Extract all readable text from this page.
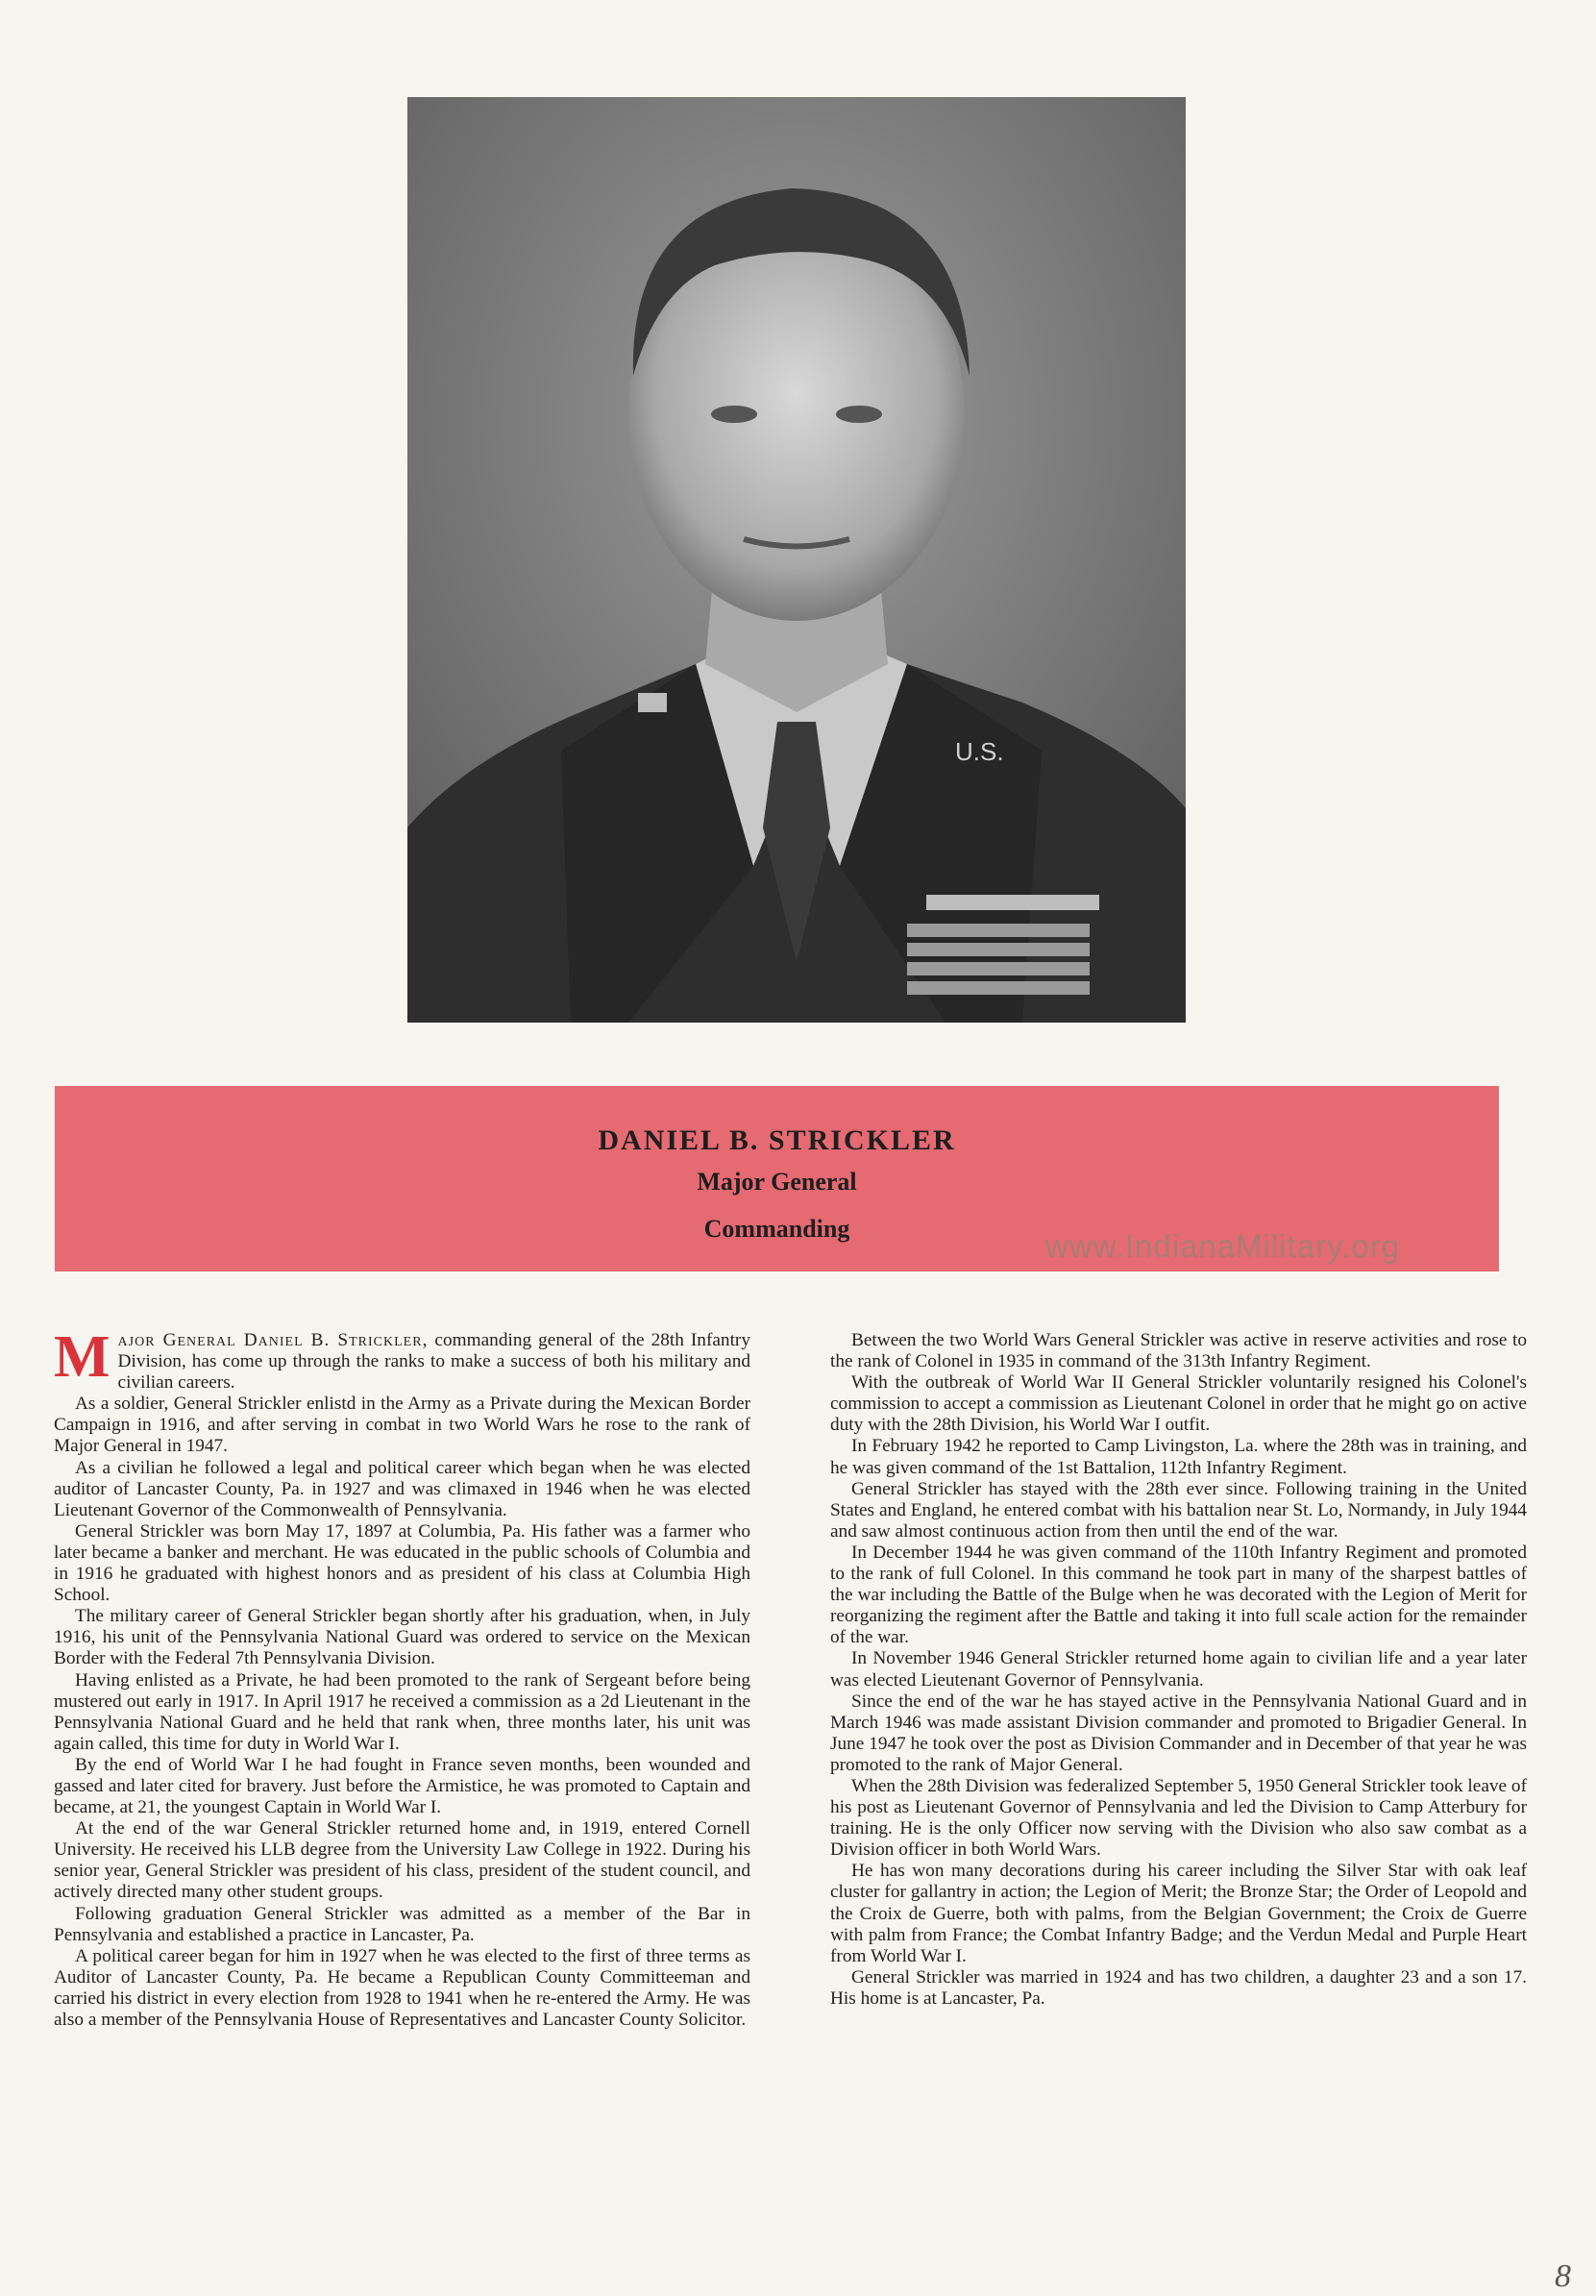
U.S.
DANIEL B. STRICKLER
Major General
Commanding	www.IndianaMilitary.org

Major General Daniel B. Strickler, commanding general of the 28th Infantry Division, has come up through the ranks to make a success of both his military and civilian careers.

As a soldier, General Strickler enlistd in the Army as a Private during the Mexican Border Campaign in 1916, and after serving in combat in two World Wars he rose to the rank of Major General in 1947.

As a civilian he followed a legal and political career which began when he was elected auditor of Lancaster County, Pa. in 1927 and was climaxed in 1946 when he was elected Lieutenant Governor of the Commonwealth of Pennsylvania.

General Strickler was born May 17, 1897 at Columbia, Pa. His father was a farmer who later became a banker and merchant. He was educated in the public schools of Columbia and in 1916 he graduated with highest honors and as president of his class at Columbia High School.

The military career of General Strickler began shortly after his graduation, when, in July 1916, his unit of the Pennsylvania National Guard was ordered to service on the Mexican Border with the Federal 7th Pennsylvania Division.

Having enlisted as a Private, he had been promoted to the rank of Sergeant before being mustered out early in 1917. In April 1917 he received a commission as a 2d Lieutenant in the Pennsylvania National Guard and he held that rank when, three months later, his unit was again called, this time for duty in World War I.

By the end of World War I he had fought in France seven months, been wounded and gassed and later cited for bravery. Just before the Armistice, he was promoted to Captain and became, at 21, the youngest Captain in World War I.

At the end of the war General Strickler returned home and, in 1919, entered Cornell University. He received his LLB degree from the University Law College in 1922. During his senior year, General Strickler was president of his class, president of the student council, and actively directed many other student groups.

Following graduation General Strickler was admitted as a member of the Bar in Pennsylvania and established a practice in Lancaster, Pa.

A political career began for him in 1927 when he was elected to the first of three terms as Auditor of Lancaster County, Pa. He became a Republican County Committeeman and carried his district in every election from 1928 to 1941 when he re-entered the Army. He was also a member of the Pennsylvania House of Representatives and Lancaster County Solicitor.

Between the two World Wars General Strickler was active in reserve activities and rose to the rank of Colonel in 1935 in command of the 313th Infantry Regiment.

With the outbreak of World War II General Strickler voluntarily resigned his Colonel's commission to accept a commission as Lieutenant Colonel in order that he might go on active duty with the 28th Division, his World War I outfit.

In February 1942 he reported to Camp Livingston, La. where the 28th was in training, and he was given command of the 1st Battalion, 112th Infantry Regiment.

General Strickler has stayed with the 28th ever since. Following training in the United States and England, he entered combat with his battalion near St. Lo, Normandy, in July 1944 and saw almost continuous action from then until the end of the war.

In December 1944 he was given command of the 110th Infantry Regiment and promoted to the rank of full Colonel. In this command he took part in many of the sharpest battles of the war including the Battle of the Bulge when he was decorated with the Legion of Merit for reorganizing the regiment after the Battle and taking it into full scale action for the remainder of the war.

In November 1946 General Strickler returned home again to civilian life and a year later was elected Lieutenant Governor of Pennsylvania.

Since the end of the war he has stayed active in the Pennsylvania National Guard and in March 1946 was made assistant Division commander and promoted to Brigadier General. In June 1947 he took over the post as Division Commander and in December of that year he was promoted to the rank of Major General.

When the 28th Division was federalized September 5, 1950 General Strickler took leave of his post as Lieutenant Governor of Pennsylvania and led the Division to Camp Atterbury for training. He is the only Officer now serving with the Division who also saw combat as a Division officer in both World Wars.

He has won many decorations during his career including the Silver Star with oak leaf cluster for gallantry in action; the Legion of Merit; the Bronze Star; the Order of Leopold and the Croix de Guerre, both with palms, from the Belgian Government; the Croix de Guerre with palm from France; the Combat Infantry Badge; and the Verdun Medal and Purple Heart from World War I.

General Strickler was married in 1924 and has two children, a daughter 23 and a son 17. His home is at Lancaster, Pa.

8
